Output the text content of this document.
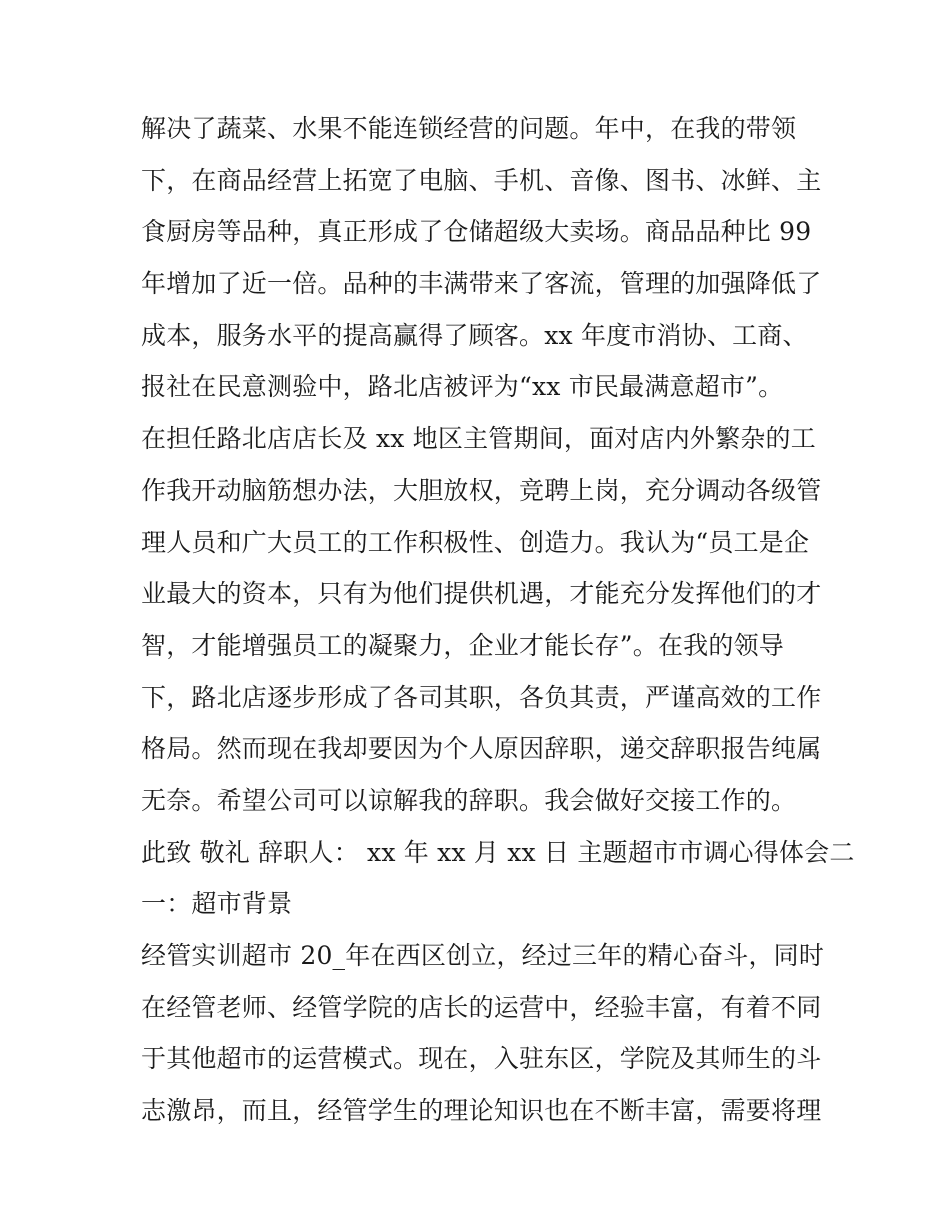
解决了蔬菜、水果不能连锁经营的问题。年中，在我的带领
下，在商品经营上拓宽了电脑、手机、音像、图书、冰鲜、主
食厨房等品种，真正形成了仓储超级大卖场。商品品种比 99
年增加了近一倍。品种的丰满带来了客流，管理的加强降低了
成本，服务水平的提高赢得了顾客。xx 年度市消协、工商、
报社在民意测验中，路北店被评为“xx 市民最满意超市”。
在担任路北店店长及 xx 地区主管期间，面对店内外繁杂的工
作我开动脑筋想办法，大胆放权，竞聘上岗，充分调动各级管
理人员和广大员工的工作积极性、创造力。我认为“员工是企
业最大的资本，只有为他们提供机遇，才能充分发挥他们的才
智，才能增强员工的凝聚力，企业才能长存”。在我的领导
下，路北店逐步形成了各司其职，各负其责，严谨高效的工作
格局。然而现在我却要因为个人原因辞职，递交辞职报告纯属
无奈。希望公司可以谅解我的辞职。我会做好交接工作的。
此致 敬礼 辞职人： xx 年 xx 月 xx 日 主题超市市调心得体会二
一：超市背景
经管实训超市 20_年在西区创立，经过三年的精心奋斗，同时
在经管老师、经管学院的店长的运营中，经验丰富，有着不同
于其他超市的运营模式。现在，入驻东区，学院及其师生的斗
志激昂，而且，经管学生的理论知识也在不断丰富，需要将理
